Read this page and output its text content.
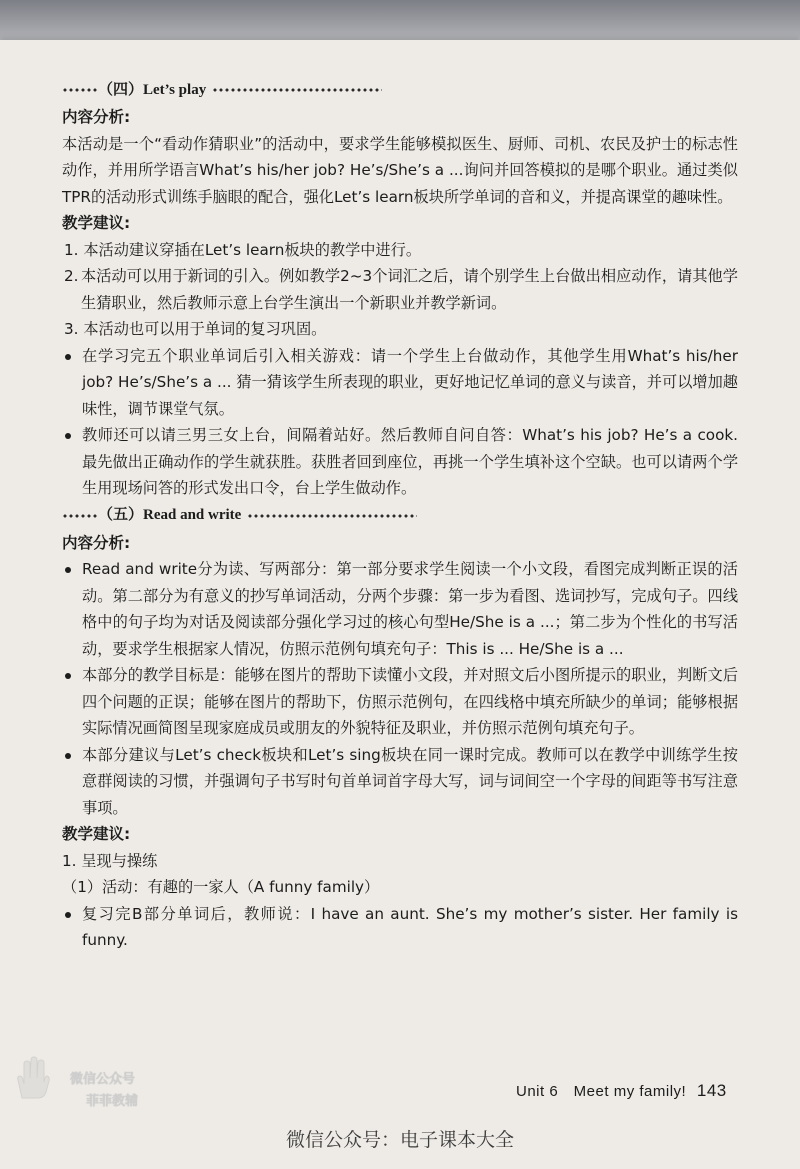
（四）Let’s play

内容分析:

本活动是一个“看动作猜职业”的活动中，要求学生能够模拟医生、厨师、司机、农民及护士的标志性动作，并用所学语言What’s his/her job? He’s/She’s a ...询问并回答模拟的是哪个职业。通过类似TPR的活动形式训练手脑眼的配合，强化Let’s learn板块所学单词的音和义，并提高课堂的趣味性。

教学建议:

1. 本活动建议穿插在Let’s learn板块的教学中进行。

2. 本活动可以用于新词的引入。例如教学2~3个词汇之后，请个别学生上台做出相应动作，请其他学生猜职业，然后教师示意上台学生演出一个新职业并教学新词。

3. 本活动也可以用于单词的复习巩固。

在学习完五个职业单词后引入相关游戏：请一个学生上台做动作，其他学生用What’s his/her job? He’s/She’s a ... 猜一猜该学生所表现的职业，更好地记忆单词的意义与读音，并可以增加趣味性，调节课堂气氛。

教师还可以请三男三女上台，间隔着站好。然后教师自问自答：What’s his job? He’s a cook. 最先做出正确动作的学生就获胜。获胜者回到座位，再挑一个学生填补这个空缺。也可以请两个学生用现场问答的形式发出口令，台上学生做动作。

（五）Read and write

内容分析:

Read and write分为读、写两部分：第一部分要求学生阅读一个小文段，看图完成判断正误的活动。第二部分为有意义的抄写单词活动，分两个步骤：第一步为看图、选词抄写，完成句子。四线格中的句子均为对话及阅读部分强化学习过的核心句型He/She is a ...；第二步为个性化的书写活动，要求学生根据家人情况，仿照示范例句填充句子：This is ... He/She is a ...

本部分的教学目标是：能够在图片的帮助下读懂小文段，并对照文后小图所提示的职业，判断文后四个问题的正误；能够在图片的帮助下，仿照示范例句，在四线格中填充所缺少的单词；能够根据实际情况画简图呈现家庭成员或朋友的外貌特征及职业，并仿照示范例句填充句子。

本部分建议与Let’s check板块和Let’s sing板块在同一课时完成。教师可以在教学中训练学生按意群阅读的习惯，并强调句子书写时句首单词首字母大写，词与词间空一个字母的间距等书写注意事项。

教学建议:

1. 呈现与操练

（1）活动：有趣的一家人（A funny family）

复习完B部分单词后，教师说：I have an aunt. She’s my mother’s sister. Her family is funny.

微信公众号
菲菲教辅
Unit 6　Meet my family! 143
微信公众号：电子课本大全
